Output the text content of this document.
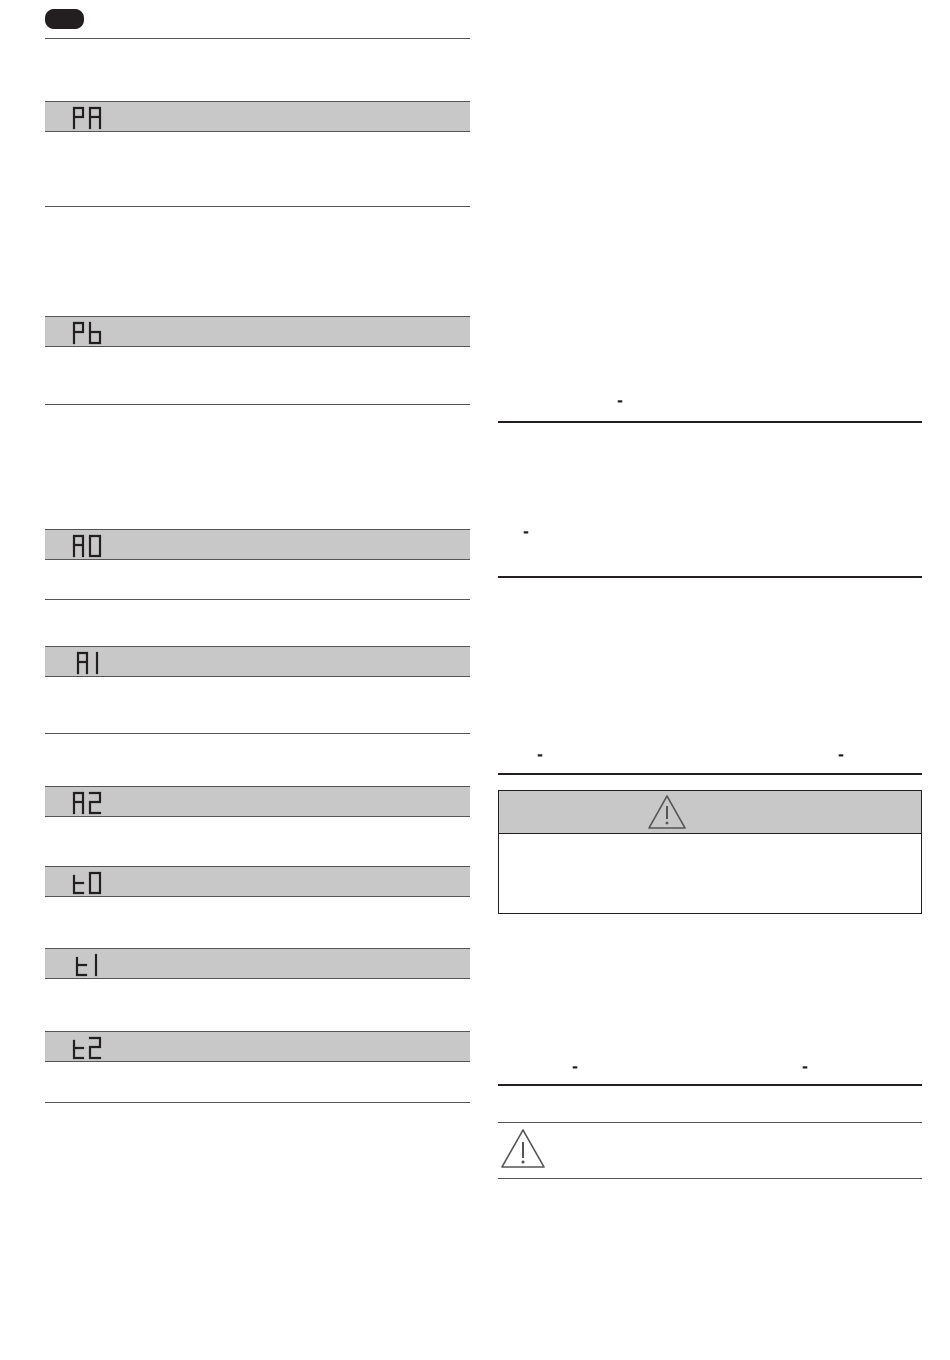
-
-
-	-
-	-
